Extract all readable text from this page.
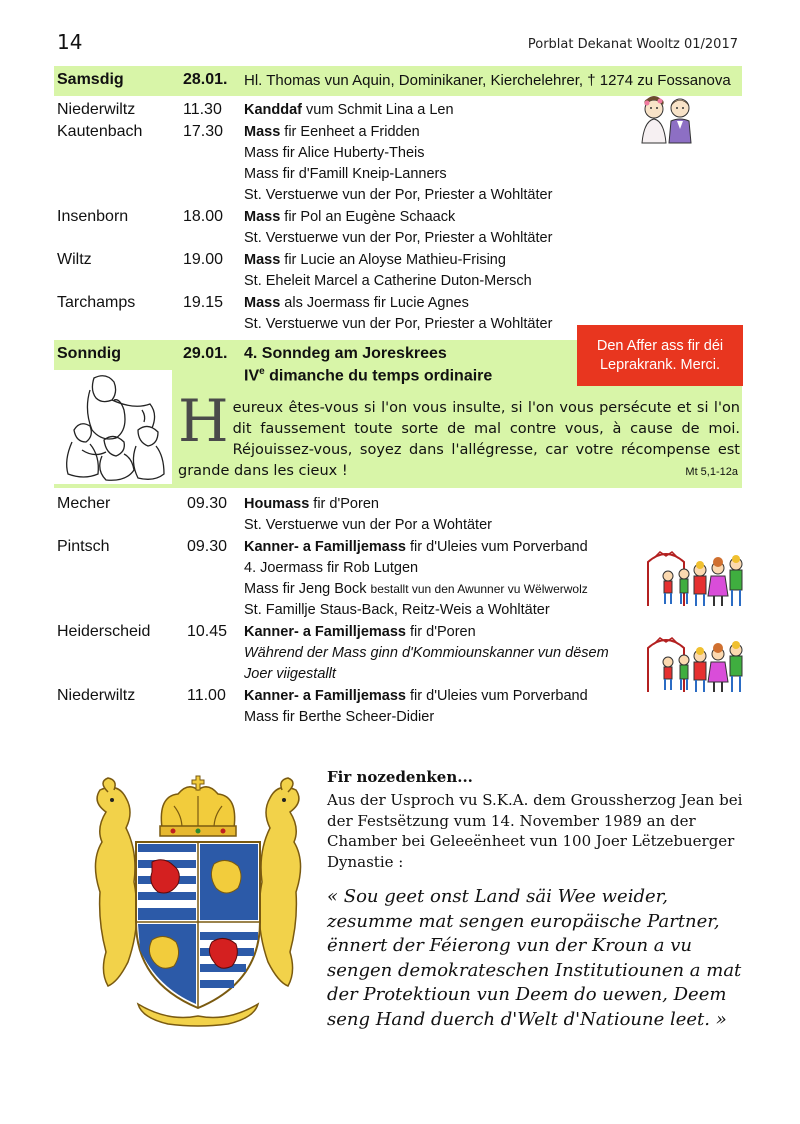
14	Porblat Dekanat Wooltz 01/2017
Samsdig	28.01. Hl. Thomas vun Aquin, Dominikaner, Kierchelehrer, † 1274 zu Fossanova
Niederwiltz	11.30 Kanddaf vum Schmit Lina a Len
Kautenbach	17.30 Mass fir Eenheet a Fridden
Mass fir Alice Huberty-Theis
Mass fir d'Famill Kneip-Lanners
St. Verstuerwe vun der Por, Priester a Wohltäter
Insenborn	18.00 Mass fir Pol an Eugène Schaack
St. Verstuerwe vun der Por, Priester a Wohltäter
Wiltz	19.00 Mass fir Lucie an Aloyse Mathieu-Frising
St. Eheleit Marcel a Catherine Duton-Mersch
Tarchamps	19.15 Mass als Joermass fir Lucie Agnes
St. Verstuerwe vun der Por, Priester a Wohltäter
Sonndig	29.01. 4. Sonndeg am Joreskrees
IVe dimanche du temps ordinaire
Den Affer ass fir déi Leprakrank. Merci.
Heureux êtes-vous si l'on vous insulte, si l'on vous persécute et si l'on dit faussement toute sorte de mal contre vous, à cause de moi. Réjouissez-vous, soyez dans l'allégresse, car votre récompense est grande dans les cieux !	Mt 5,1-12a
Mecher	09.30 Houmass fir d'Poren
St. Verstuerwe vun der Por a Wohtäter
Pintsch	09.30 Kanner- a Familljemass fir d'Uleies vum Porverband
4. Joermass fir Rob Lutgen
Mass fir Jeng Bock bestallt vun den Awunner vu Wëlwerwolz
St. Famillje Staus-Back, Reitz-Weis a Wohltäter
Heiderscheid 10.45 Kanner- a Familljemass fir d'Poren
Während der Mass ginn d'Kommiounskanner vun dësem
Joer viigestallt
Niederwiltz	11.00 Kanner- a Familljemass fir d'Uleies vum Porverband
Mass fir Berthe Scheer-Didier
Fir nozedenken...
Aus der Usproch vu S.K.A. dem Groussherzog Jean bei der Festsëtzung vum 14. November 1989 an der Chamber bei Geleeënheet vun 100 Joer Lëtzebuerger Dynastie :
« Sou geet onst Land säi Wee weider, zesumme mat sengen europäische Partner, ënnert der Féierong vun der Kroun a vu sengen demokrateschen Institutiounen a mat der Protektioun vun Deem do uewen, Deem seng Hand duerch d'Welt d'Natioune leet. »
